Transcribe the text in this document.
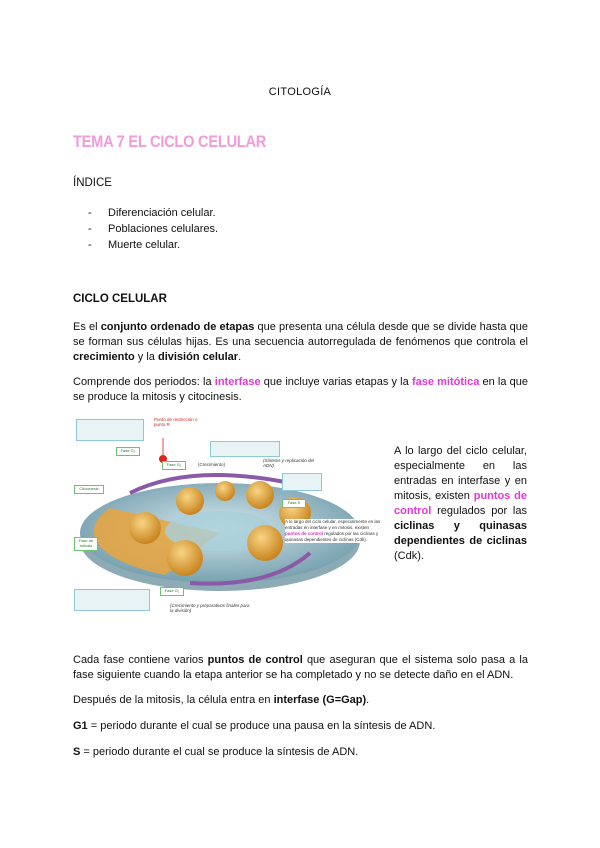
CITOLOGÍA
TEMA 7 EL CICLO CELULAR
ÍNDICE
- Diferenciación celular.
- Poblaciones celulares.
- Muerte celular.
CICLO CELULAR
Es el conjunto ordenado de etapas que presenta una célula desde que se divide hasta que se forman sus células hijas. Es una secuencia autorregulada de fenómenos que controla el crecimiento y la división celular.
Comprende dos periodos: la interfase que incluye varias etapas y la fase mitótica en la que se produce la mitosis y citocinesis.
Punto de restricción o punto R
Fase G₀
Fase G₁	(Crecimiento)
(Síntesis y replicación del ADN)
Citocinesis
Fase S
Fase de mitosis
Fase G₂
(Crecimiento y preparativos finales para la división)
A lo largo del ciclo celular, especialmente en las entradas en interfase y en mitosis, existen puntos de control regulados por las ciclinas y quinasas dependientes de ciclinas (Cdk).
A lo largo del ciclo celular, especialmente en las entradas en interfase y en mitosis, existen puntos de control regulados por las ciclinas y quinasas dependientes de ciclinas (Cdk).
Cada fase contiene varios puntos de control que aseguran que el sistema solo pasa a la fase siguiente cuando la etapa anterior se ha completado y no se detecte daño en el ADN.
Después de la mitosis, la célula entra en interfase (G=Gap).
G1 = periodo durante el cual se produce una pausa en la síntesis de ADN.
S = periodo durante el cual se produce la síntesis de ADN.
